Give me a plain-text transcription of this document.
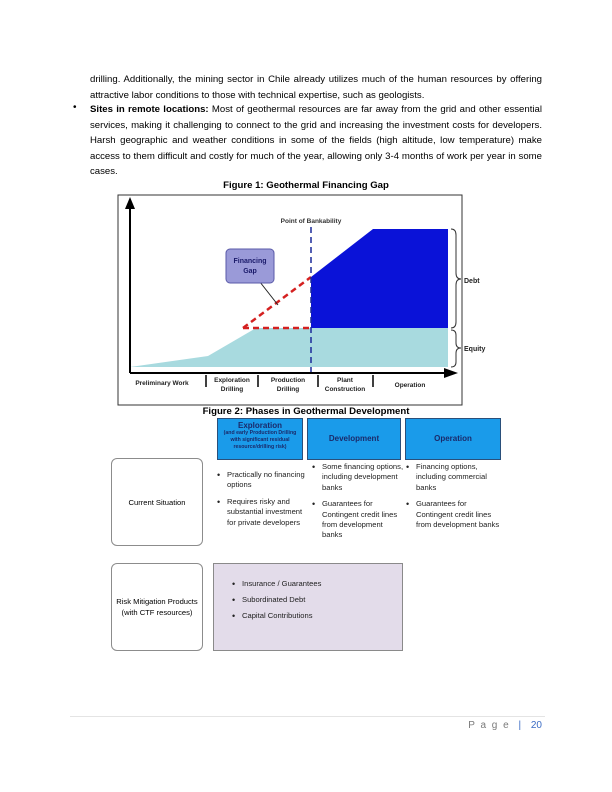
drilling. Additionally, the mining sector in Chile already utilizes much of the human resources by offering attractive labor conditions to those with technical expertise, such as geologists.
• Sites in remote locations: Most of geothermal resources are far away from the grid and other essential services, making it challenging to connect to the grid and increasing the investment costs for developers. Harsh geographic and weather conditions in some of the fields (high altitude, low temperature) make access to them difficult and costly for much of the year, allowing only 3-4 months of work per year in some cases.
Figure 1: Geothermal Financing Gap
Point of Bankability
Financing
Gap
Debt
Equity
Preliminary Work	Exploration
Drilling
Production
Drilling
Plant
Construction
Operation
Figure 2: Phases in Geothermal Development
Exploration
(and early Production Drilling with significant residual resource/drilling risk)
Development	Operation
Current Situation
• Practically no financing options
• Requires risky and substantial investment for private developers
• Some financing options, including development banks
• Guarantees for Contingent credit lines from development banks
• Financing options, including commercial banks
• Guarantees for Contingent credit lines from development banks
Risk Mitigation Products (with CTF resources)
• Insurance / Guarantees
• Subordinated Debt
• Capital Contributions
P a g e | 20
